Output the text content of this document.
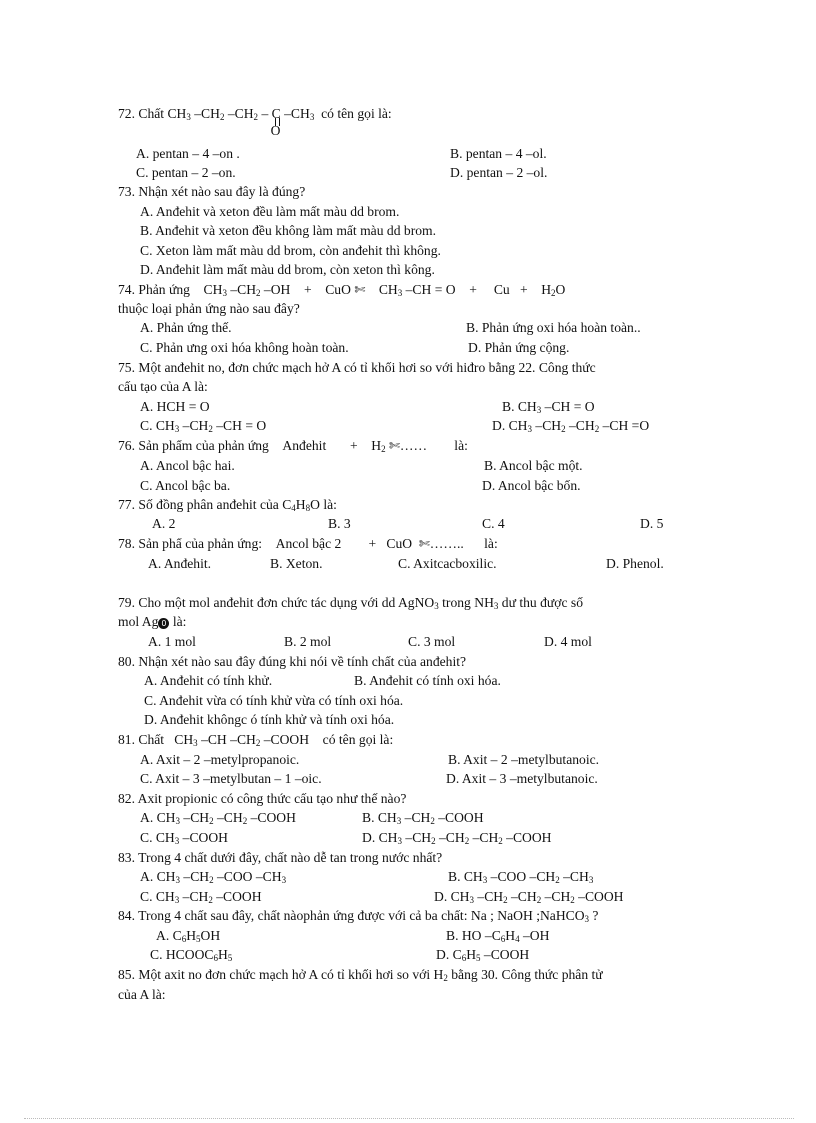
72. Chất $CH_3$ $-CH_2$ $-CH_2$ – C
O
$-CH_3$ có tên gọi là:
A. pentan – 4 –on .	B. pentan – 4 –ol.
C. pentan – 2 –on.	D. pentan – 2 –ol.
73. Nhận xét nào sau đây là đúng?
A. Anđehit và xeton đều làm mất màu dd brom.
B. Anđehit và xeton đều không làm mất màu dd brom.
C. Xeton làm mất màu dd brom, còn anđehit thì không.
D. Anđehit làm mất màu dd brom, còn xeton thì kông.
74. Phản ứng    $CH_3$ $-CH_2$ –OH    + CuO ✄    $CH_3$ –CH = O    + Cu +    $H_2O$
thuộc loại phản ứng nào sau đây?
A. Phản ứng thế.	B. Phản ứng oxi hóa hoàn toàn..
C. Phản ưng oxi hóa không hoàn toàn.	D. Phản ứng cộng.
75. Một anđehit no, đơn chức mạch hở A có tỉ khối hơi so với hiđro bằng 22. Công thức
cấu tạo của A là:
A. HCH = O	B. $CH_3$ –CH = O
C. $CH_3$ $-CH_2$ –CH = O	D. $CH_3$ $-CH_2$ $-CH_2$ –CH =O
76. Sản phẩm của phản ứng Anđehit + $H_2$ ✄…… là:
A. Ancol bậc hai.	B. Ancol bậc một.
C. Ancol bậc ba.	D. Ancol bậc bốn.
77. Số đồng phân anđehit của $C_4H_8O$ là:
A. 2	B. 3	C. 4	D. 5
78. Sản phẩ của phản ứng: Ancol bậc 2 + CuO ✄…….. là:
A. Anđehit.	B. Xeton.	C. Axitcacboxilic.	D. Phenol.
79. Cho một mol anđehit đơn chức tác dụng với dd AgNO$_3$ trong $NH_3$ dư thu được số
mol Ag 0 là:
A. 1 mol	B. 2 mol	C. 3 mol	D. 4 mol
80. Nhận xét nào sau đây đúng khi nói về tính chất của anđehit?
A. Anđehit có tính khử.	B. Anđehit có tính oxi hóa.
C. Anđehit vừa có tính khử vừa có tính oxi hóa.
D. Anđehit khôngc ó tính khử và tính oxi hóa.
81. Chất   $CH_3$ –CH $-CH_2$ –COOH    có tên gọi là:
A. Axit – 2 –metylpropanoic.	B. Axit – 2 –metylbutanoic.
C. Axit – 3 –metylbutan – 1 –oic.	D. Axit – 3 –metylbutanoic.
82. Axit propionic có công thức cấu tạo như thế nào?
A. $CH_3$ $-CH_2$ $-CH_2$ –COOH	B. $CH_3$ $-CH_2$ –COOH
C. $CH_3$ –COOH	D. $CH_3$ $-CH_2$ $-CH_2$ $-CH_2$ –COOH
83. Trong 4 chất dưới đây, chất nào dễ tan trong nước nhất?
A. $CH_3$ $-CH_2$ –COO $-CH_3$	B. $CH_3$ –COO $-CH_2$ $-CH_3$
C. $CH_3$ $-CH_2$ –COOH	D. $CH_3$ $-CH_2$ $-CH_2$ $-CH_2$ –COOH
84. Trong 4 chất sau đây, chất nàophản ứng được với cả ba chất: Na ; NaOH ;NaHCO$_3$ ?
A. $C_6H_5OH$	B. HO $-C_6H_4$ –OH
C. $HCOOC_6H_5$	D. $C_6H_5$ –COOH
85. Một axit no đơn chức mạch hở A có tỉ khối hơi so với $H_2$ bằng 30. Công thức phân tử
của A là:
